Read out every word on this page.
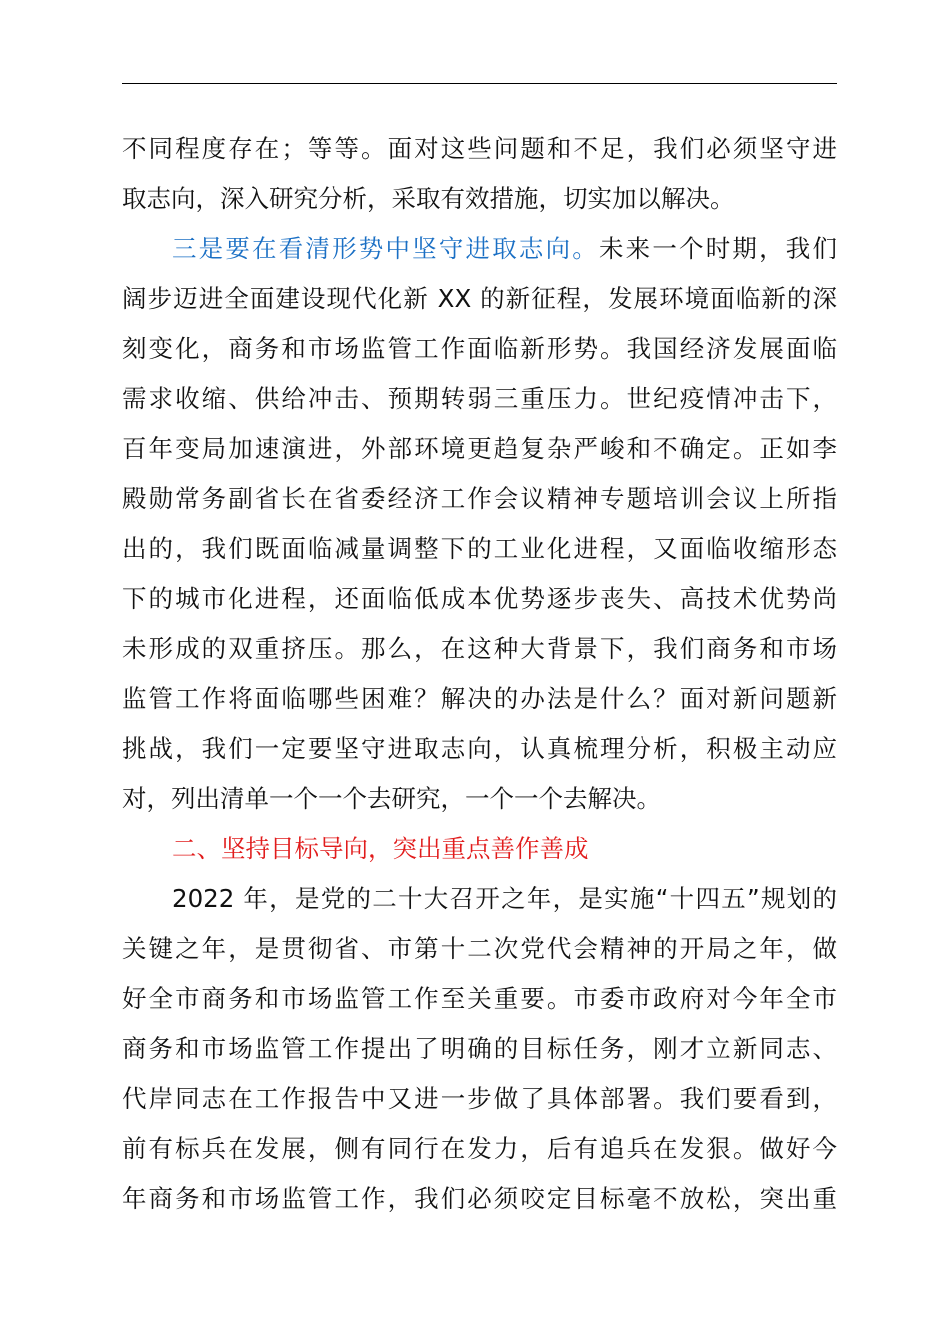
不同程度存在；等等。面对这些问题和不足，我们必须坚守进
取志向，深入研究分析，采取有效措施，切实加以解决。
三是要在看清形势中坚守进取志向。未来一个时期，我们
阔步迈进全面建设现代化新 XX 的新征程，发展环境面临新的深
刻变化，商务和市场监管工作面临新形势。我国经济发展面临
需求收缩、供给冲击、预期转弱三重压力。世纪疫情冲击下，
百年变局加速演进，外部环境更趋复杂严峻和不确定。正如李
殿勋常务副省长在省委经济工作会议精神专题培训会议上所指
出的，我们既面临减量调整下的工业化进程，又面临收缩形态
下的城市化进程，还面临低成本优势逐步丧失、高技术优势尚
未形成的双重挤压。那么，在这种大背景下，我们商务和市场
监管工作将面临哪些困难？解决的办法是什么？面对新问题新
挑战，我们一定要坚守进取志向，认真梳理分析，积极主动应
对，列出清单一个一个去研究，一个一个去解决。
二、坚持目标导向，突出重点善作善成
2022 年，是党的二十大召开之年，是实施“十四五”规划的
关键之年，是贯彻省、市第十二次党代会精神的开局之年，做
好全市商务和市场监管工作至关重要。市委市政府对今年全市
商务和市场监管工作提出了明确的目标任务，刚才立新同志、
代岸同志在工作报告中又进一步做了具体部署。我们要看到，
前有标兵在发展，侧有同行在发力，后有追兵在发狠。做好今
年商务和市场监管工作，我们必须咬定目标毫不放松，突出重
